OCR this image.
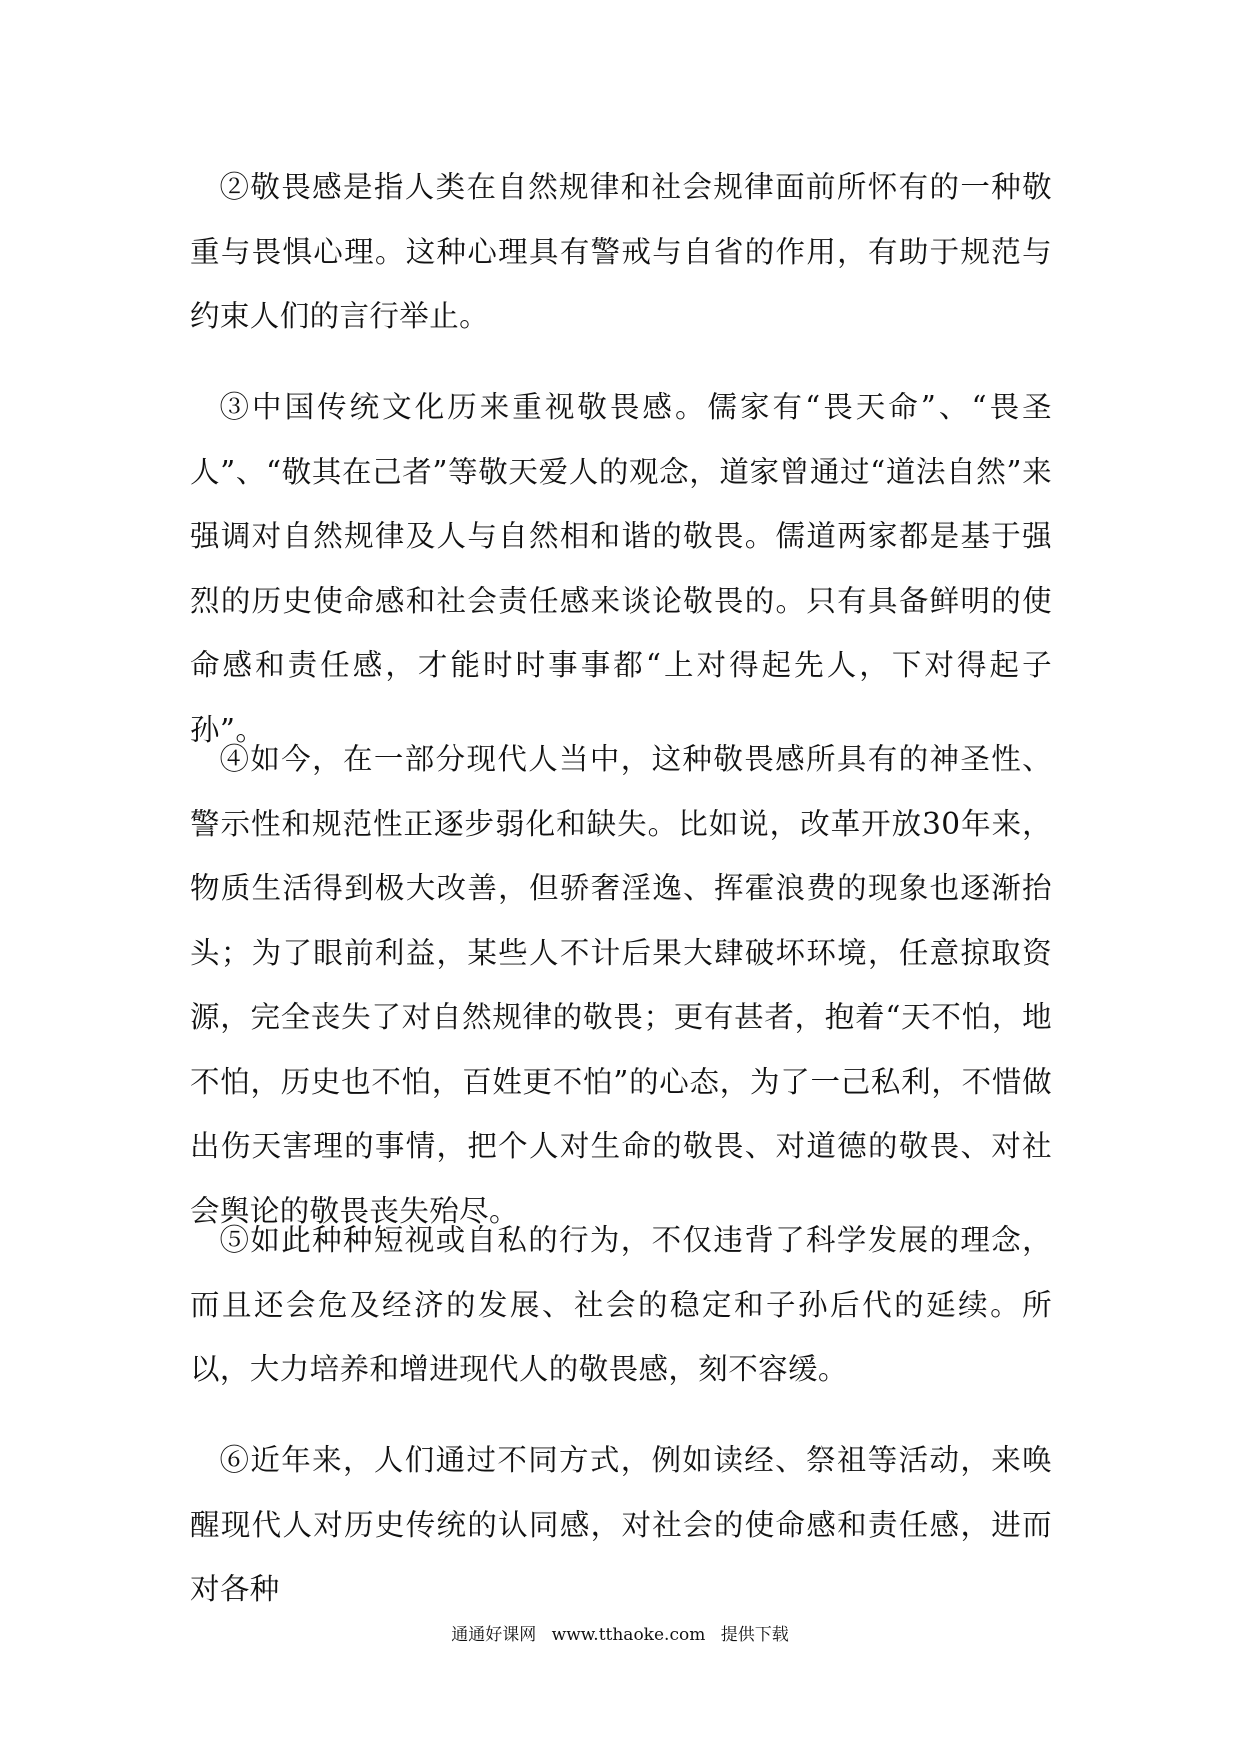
②敬畏感是指人类在自然规律和社会规律面前所怀有的一种敬重与畏惧心理。这种心理具有警戒与自省的作用，有助于规范与约束人们的言行举止。

③中国传统文化历来重视敬畏感。儒家有“畏天命”、“畏圣人”、“敬其在己者”等敬天爱人的观念，道家曾通过“道法自然”来强调对自然规律及人与自然相和谐的敬畏。儒道两家都是基于强烈的历史使命感和社会责任感来谈论敬畏的。只有具备鲜明的使命感和责任感，才能时时事事都“上对得起先人，下对得起子孙”。

④如今，在一部分现代人当中，这种敬畏感所具有的神圣性、警示性和规范性正逐步弱化和缺失。比如说，改革开放30年来，物质生活得到极大改善，但骄奢淫逸、挥霍浪费的现象也逐渐抬头；为了眼前利益，某些人不计后果大肆破坏环境，任意掠取资源，完全丧失了对自然规律的敬畏；更有甚者，抱着“天不怕，地不怕，历史也不怕，百姓更不怕”的心态，为了一己私利，不惜做出伤天害理的事情，把个人对生命的敬畏、对道德的敬畏、对社会舆论的敬畏丧失殆尽。

⑤如此种种短视或自私的行为，不仅违背了科学发展的理念，而且还会危及经济的发展、社会的稳定和子孙后代的延续。所以，大力培养和增进现代人的敬畏感，刻不容缓。

⑥近年来，人们通过不同方式，例如读经、祭祖等活动，来唤醒现代人对历史传统的认同感，对社会的使命感和责任感，进而对各种

通通好课网 www.tthaoke.com 提供下载
